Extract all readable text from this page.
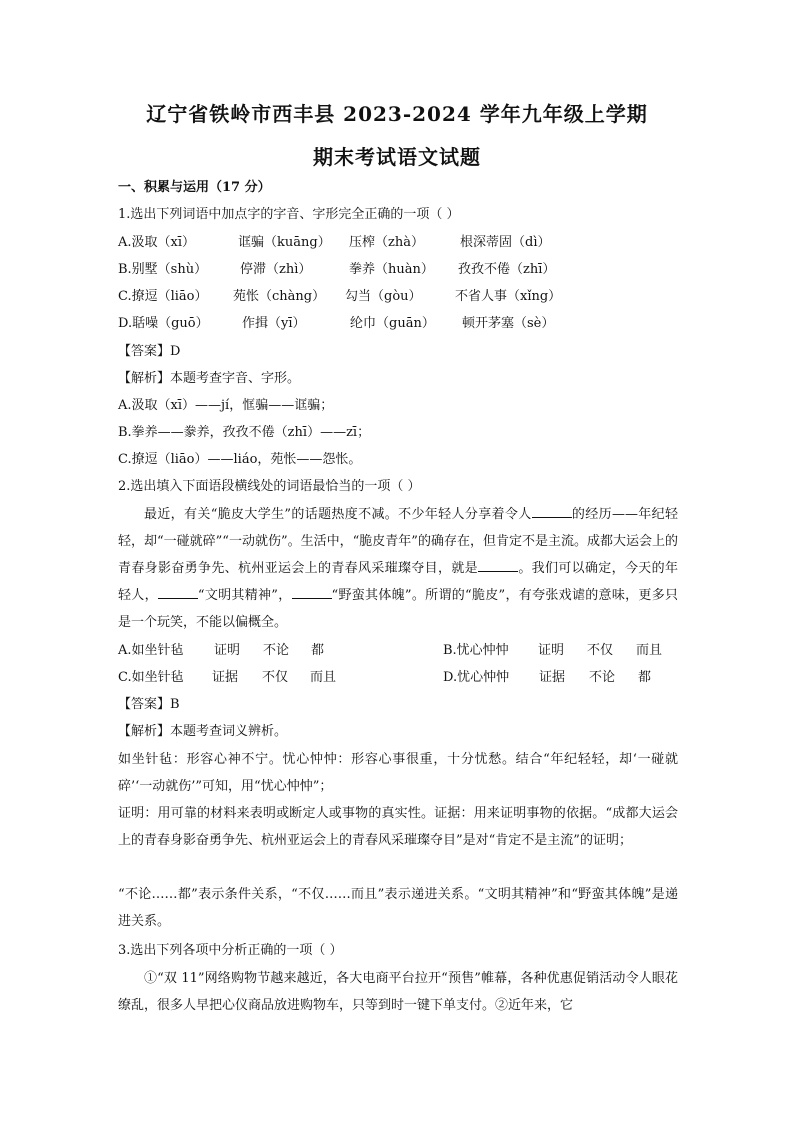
辽宁省铁岭市西丰县 2023-2024 学年九年级上学期
期末考试语文试题
一、积累与运用（17 分）
1.选出下列词语中加点字的字音、字形完全正确的一项（ ）
A.汲取（xī）	诓骗（kuāng） 压榨（zhà）	根深蒂固（dì）
B.别墅（shù）	停滞（zhì）	拳养（huàn） 孜孜不倦（zhī）
C.撩逗（liāo） 苑怅（chàng） 勾当（gòu）	不省人事（xǐng）
D.聒噪（guō）	作揖（yī）	纶巾（guān） 顿开茅塞（sè）
【答案】D
【解析】本题考查字音、字形。
A.汲取（xī）——jí，恇骗——诓骗；
B.拳养——豢养，孜孜不倦（zhī）——zī；
C.撩逗（liāo）——liáo，苑怅——怨怅。
2.选出填入下面语段横线处的词语最恰当的一项（ ）
最近，有关“脆皮大学生”的话题热度不减。不少年轻人分享着令人	的经历——年纪轻轻，却“一碰就碎”“一动就伤”。生活中，“脆皮青年”的确存在，但肯定不是主流。成都大运会上的青春身影奋勇争先、杭州亚运会上的青春风采璀璨夺目，就是	。我们可以确定，今天的年轻人，	“文明其精神”，	“野蛮其体魄”。所谓的“脆皮”，有夸张戏谑的意味，更多只是一个玩笑，不能以偏概全。
A.如坐针毡 证明 不论 都	B.忧心忡忡 证明 不仅 而且
C.如坐针毡 证据 不仅 而且	D.忧心忡忡 证据 不论 都
【答案】B
【解析】本题考查词义辨析。
如坐针毡：形容心神不宁。忧心忡忡：形容心事很重，十分忧愁。结合“年纪轻轻，却‘一碰就碎’‘一动就伤’”可知，用“忧心忡忡”；
证明：用可靠的材料来表明或断定人或事物的真实性。证据：用来证明事物的依据。“成都大运会上的青春身影奋勇争先、杭州亚运会上的青春风采璀璨夺目”是对“肯定不是主流”的证明；
“不论……都”表示条件关系，“不仅……而且”表示递进关系。“文明其精神”和“野蛮其体魄”是递进关系。
3.选出下列各项中分析正确的一项（ ）
①“双 11”网络购物节越来越近，各大电商平台拉开“预售”帷幕，各种优惠促销活动令人眼花缭乱，很多人早把心仪商品放进购物车，只等到时一键下单支付。②近年来，它
